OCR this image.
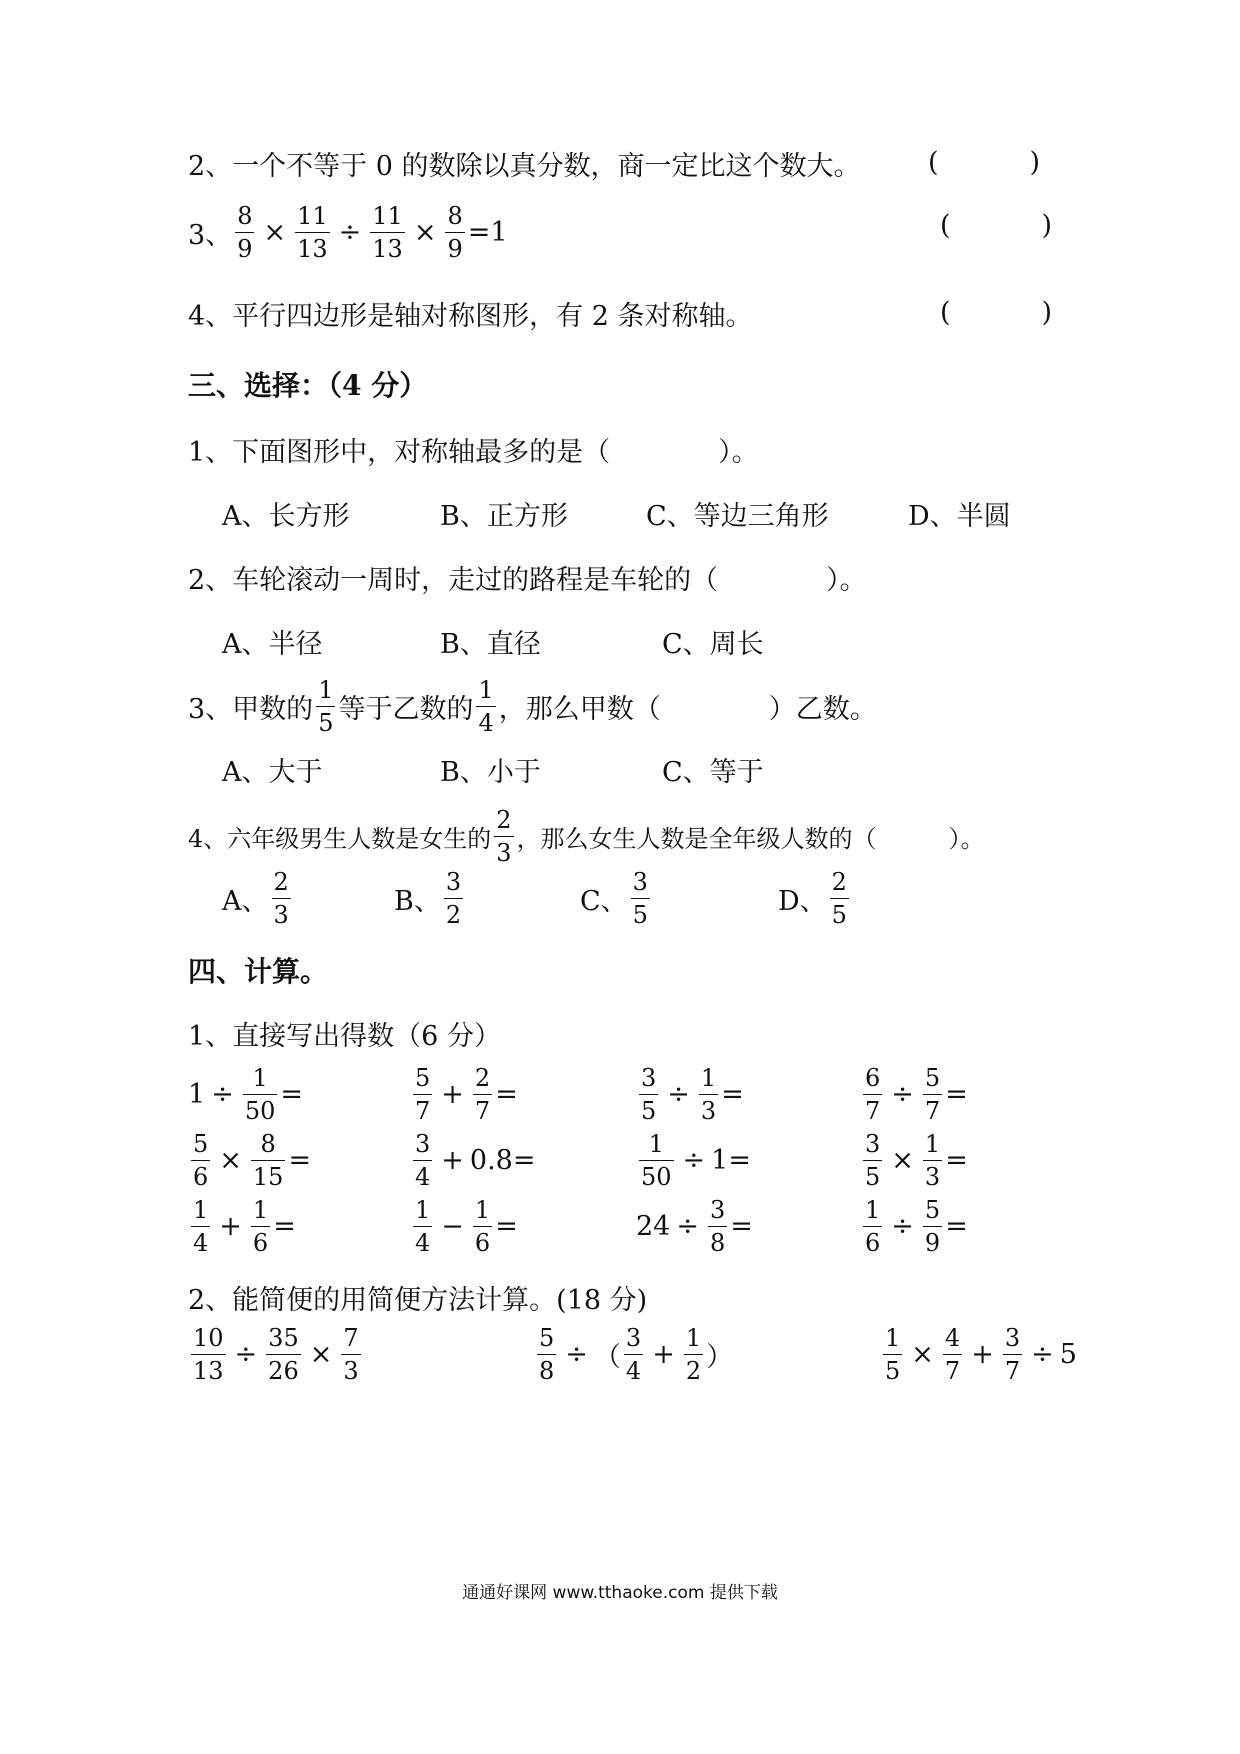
2、一个不等于 0 的数除以真分数，商一定比这个数大。 (	)
3、 $\frac{8}{9} \times \frac{11}{13} \div \frac{11}{13} \times \frac{8}{9} =1$	(	)
4、平行四边形是轴对称图形，有 2 条对称轴。	(	)
三、选择：（4 分）
1、下面图形中，对称轴最多的是（　　　　）。
A、长方形	B、正方形	C、等边三角形	D、半圆
2、车轮滚动一周时，走过的路程是车轮的（　　　　）。
A、半径	B、直径	C、周长
3、甲数的 $\frac{1}{5}$ 等于乙数的 $\frac{1}{4}$ ，那么甲数（　　　　）乙数。
A、大于	B、小于	C、等于
4、六年级男生人数是女生的 $\frac{2}{3}$ ，那么女生人数是全年级人数的（　　　）。
A、 $\frac{2}{3}$	B、 $\frac{3}{2}$	C、 $\frac{3}{5}$	D、 $\frac{2}{5}$
四、计算。
1、直接写出得数（6 分）
$1 \div \frac{1}{50}$ =	$\frac{5}{7} + \frac{2}{7}$ =	$\frac{3}{5} \div \frac{1}{3}$ =	$\frac{6}{7} \div \frac{5}{7}$ =
$\frac{5}{6} \times \frac{8}{15}$ =	$\frac{3}{4} + 0.8=$	$\frac{1}{50} \div 1=$	$\frac{3}{5} \times \frac{1}{3}$ =
$\frac{1}{4} + \frac{1}{6}$ =	$\frac{1}{4} - \frac{1}{6}$ =	$24 \div \frac{3}{8}$ =	$\frac{1}{6} \div \frac{5}{9}$ =
2、能简便的用简便方法计算。(18 分)
$\frac{10}{13} \div \frac{35}{26} \times \frac{7}{3}$	$\frac{5}{8}$ ÷ （ $\frac{3}{4} + \frac{1}{2}$ ）	$\frac{1}{5} \times \frac{4}{7} + \frac{3}{7} \div 5$
通通好课网 www.tthaoke.com 提供下载
